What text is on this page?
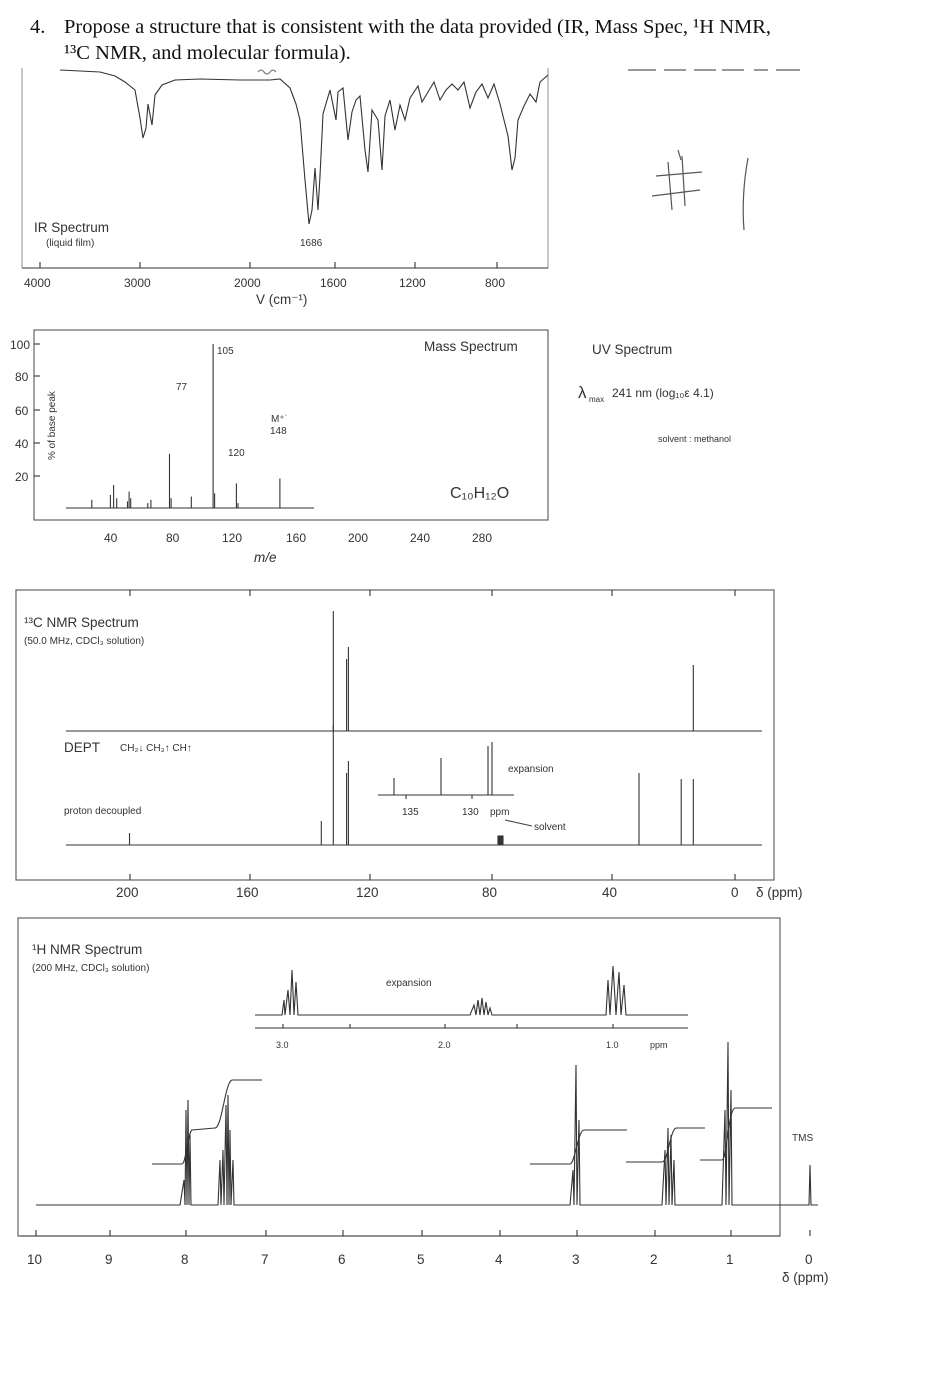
4. Propose a structure that is consistent with the data provided (IR, Mass Spec, ¹H NMR,
¹³C NMR, and molecular formula).
IR Spectrum
(liquid film)	1686
4000	3000	2000	1600	1200	800
V (cm⁻¹)
Mass Spectrum
% of base peak
100
80
60
40
20
105
77
120
M⁺˙
148
C₁₀H₁₂O
40	80	120	160	200	240	280
m/e
UV Spectrum
λ max 241 nm (log₁₀ε 4.1)
solvent : methanol
¹³C NMR Spectrum
(50.0 MHz, CDCl₃ solution)
DEPT CH₂↓ CH₃↑ CH↑
proton decoupled
expansion
135	130 ppm
solvent
200	160	120	80	40	0 δ (ppm)
¹H NMR Spectrum
(200 MHz, CDCl₃ solution)
expansion
3.0	2.0	1.0	ppm
TMS
10	9	8	7	6	5	4	3	2	1	0
δ (ppm)
